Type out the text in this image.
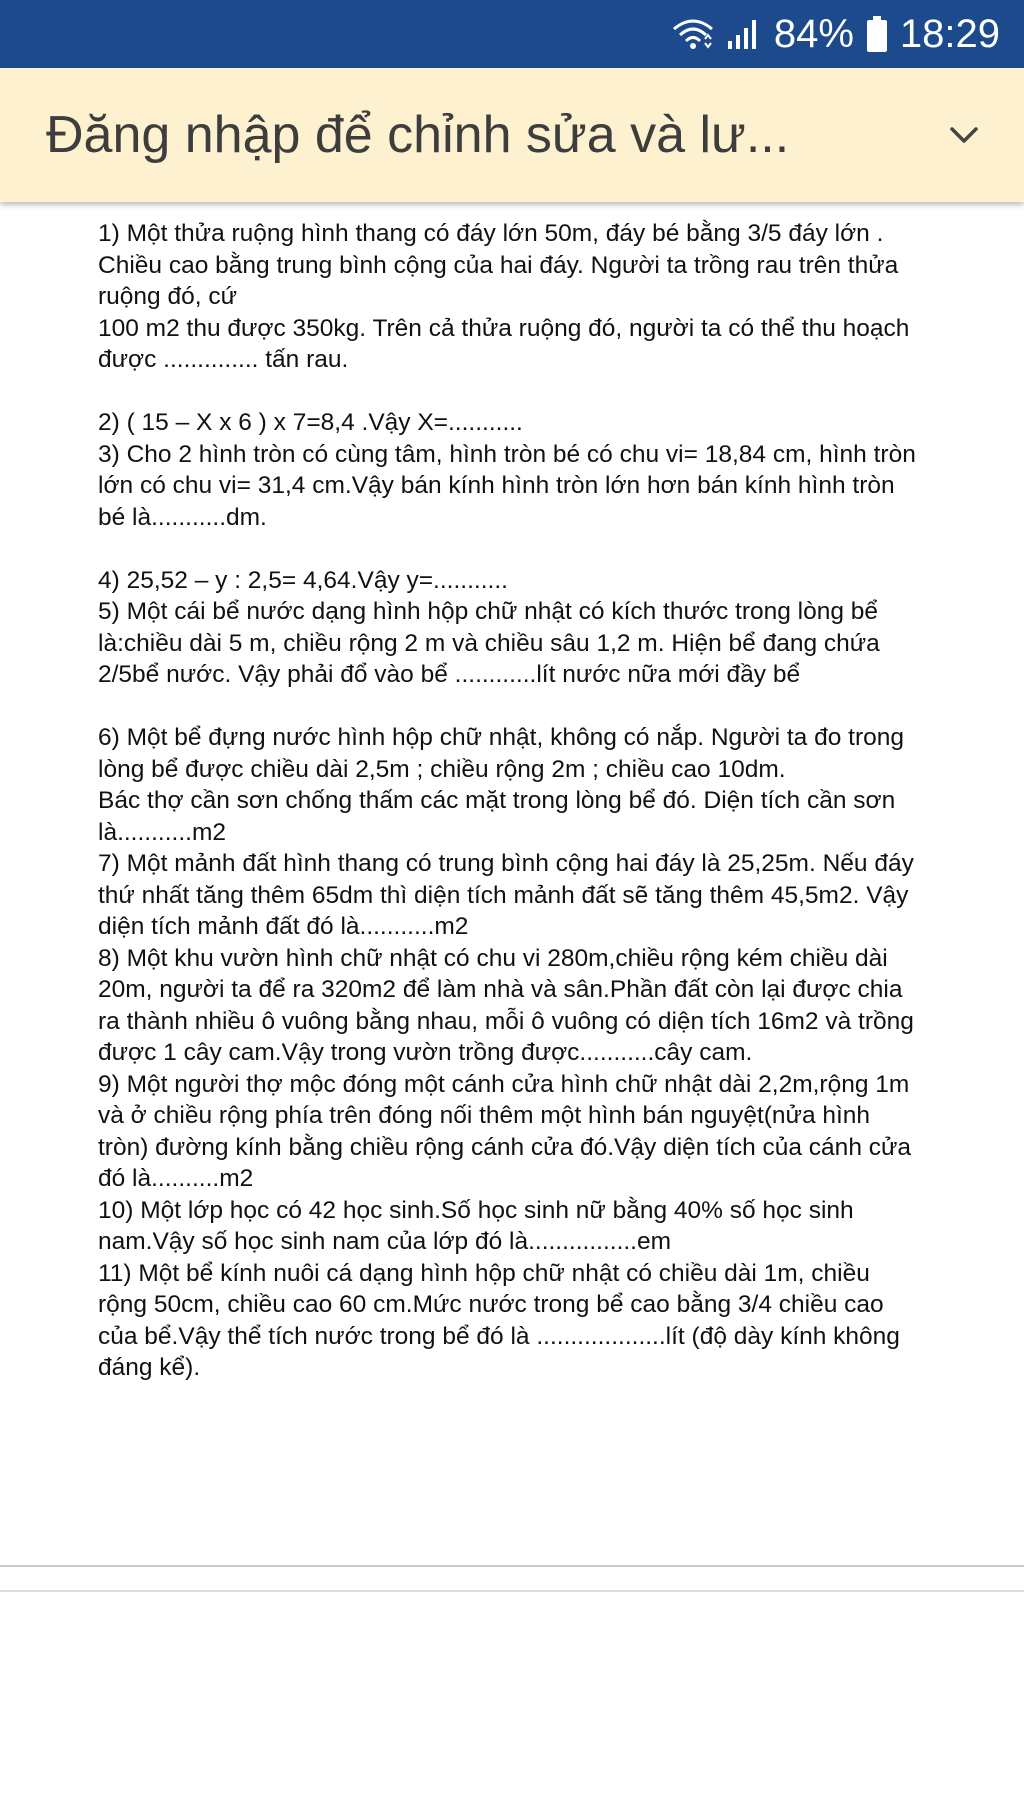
84% 18:29
Đăng nhập để chỉnh sửa và lư...
1) Một thửa ruộng hình thang có đáy lớn 50m, đáy bé bằng 3/5 đáy lớn .
Chiều cao bằng trung bình cộng của hai đáy. Người ta trồng rau trên thửa
ruộng đó, cứ
100 m2 thu được 350kg. Trên cả thửa ruộng đó, người ta có thể thu hoạch
được .............. tấn rau.
2) ( 15 – X x 6 ) x 7=8,4 .Vậy X=...........
3) Cho 2 hình tròn có cùng tâm, hình tròn bé có chu vi= 18,84 cm, hình tròn
lớn có chu vi= 31,4 cm.Vậy bán kính hình tròn lớn hơn bán kính hình tròn
bé là...........dm.
4) 25,52 – y : 2,5= 4,64.Vậy y=...........
5) Một cái bể nước dạng hình hộp chữ nhật có kích thước trong lòng bể
là:chiều dài 5 m, chiều rộng 2 m và chiều sâu 1,2 m. Hiện bể đang chứa
2/5bể nước. Vậy phải đổ vào bể ............lít nước nữa mới đầy bể
6) Một bể đựng nước hình hộp chữ nhật, không có nắp. Người ta đo trong
lòng bể được chiều dài 2,5m ; chiều rộng 2m ; chiều cao 10dm.
Bác thợ cần sơn chống thấm các mặt trong lòng bể đó. Diện tích cần sơn
là...........m2
7) Một mảnh đất hình thang có trung bình cộng hai đáy là 25,25m. Nếu đáy
thứ nhất tăng thêm 65dm thì diện tích mảnh đất sẽ tăng thêm 45,5m2. Vậy
diện tích mảnh đất đó là...........m2
8) Một khu vườn hình chữ nhật có chu vi 280m,chiều rộng kém chiều dài
20m, người ta để ra 320m2 để làm nhà và sân.Phần đất còn lại được chia
ra thành nhiều ô vuông bằng nhau, mỗi ô vuông có diện tích 16m2 và trồng
được 1 cây cam.Vậy trong vườn trồng được...........cây cam.
9) Một người thợ mộc đóng một cánh cửa hình chữ nhật dài 2,2m,rộng 1m
và ở chiều rộng phía trên đóng nối thêm một hình bán nguyệt(nửa hình
tròn) đường kính bằng chiều rộng cánh cửa đó.Vậy diện tích của cánh cửa
đó là..........m2
10) Một lớp học có 42 học sinh.Số học sinh nữ bằng 40% số học sinh
nam.Vậy số học sinh nam của lớp đó là................em
11) Một bể kính nuôi cá dạng hình hộp chữ nhật có chiều dài 1m, chiều
rộng 50cm, chiều cao 60 cm.Mức nước trong bể cao bằng 3/4 chiều cao
của bể.Vậy thể tích nước trong bể đó là ...................lít (độ dày kính không
đáng kể).
